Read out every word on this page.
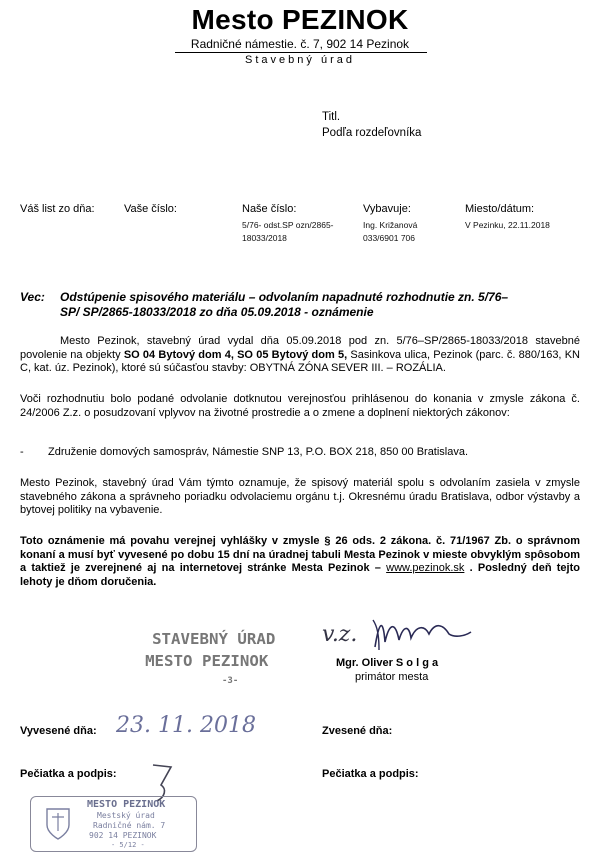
Mesto PEZINOK
Radničné námestie. č. 7, 902 14 Pezinok
Stavebný úrad
Titl.
Podľa rozdeľovníka
Váš list zo dňa:	Vaše číslo:	Naše číslo:
5/76- odst.SP ozn/2865-
18033/2018
Vybavuje:
Ing. Križanová
033/6901 706
Miesto/dátum:
V Pezinku, 22.11.2018
Vec:	Odstúpenie spisového materiálu – odvolaním napadnuté rozhodnutie zn. 5/76–
SP/ SP/2865-18033/2018 zo dňa 05.09.2018 - oznámenie
Mesto Pezinok, stavebný úrad vydal dňa 05.09.2018 pod zn. 5/76–SP/2865-18033/2018 stavebné povolenie na objekty SO 04 Bytový dom 4, SO 05 Bytový dom 5, Sasinkova ulica, Pezinok (parc. č. 880/163, KN C, kat. úz. Pezinok), ktoré sú súčasťou stavby: OBYTNÁ ZÓNA SEVER III. – ROZÁLIA.
Voči rozhodnutiu bolo podané odvolanie dotknutou verejnosťou prihlásenou do konania v zmysle zákona č. 24/2006 Z.z. o posudzovaní vplyvov na životné prostredie a o zmene a doplnení niektorých zákonov:
- Združenie domových samospráv, Námestie SNP 13, P.O. BOX 218, 850 00 Bratislava.
Mesto Pezinok, stavebný úrad Vám týmto oznamuje, že spisový materiál spolu s odvolaním zasiela v zmysle stavebného zákona a správneho poriadku odvolaciemu orgánu t.j. Okresnému úradu Bratislava, odbor výstavby a bytovej politiky na vybavenie.
Toto oznámenie má povahu verejnej vyhlášky v zmysle § 26 ods. 2 zákona. č. 71/1967 Zb. o správnom konaní a musí byť vyvesené po dobu 15 dní na úradnej tabuli Mesta Pezinok v mieste obvyklým spôsobom a taktiež je zverejnené aj na internetovej stránke Mesta Pezinok – www.pezinok.sk . Posledný deň tejto lehoty je dňom doručenia.
STAVEBNÝ ÚRAD
MESTO PEZINOK
-3-
v.z.
Mgr. Oliver S o l g a
primátor mesta
Vyvesené dňa: 23. 11. 2018	Zvesené dňa:
Pečiatka a podpis:	Pečiatka a podpis:
MESTO PEZINOK
Mestský úrad
Radničné nám. 7
902 14 PEZINOK
- 5/12 -
